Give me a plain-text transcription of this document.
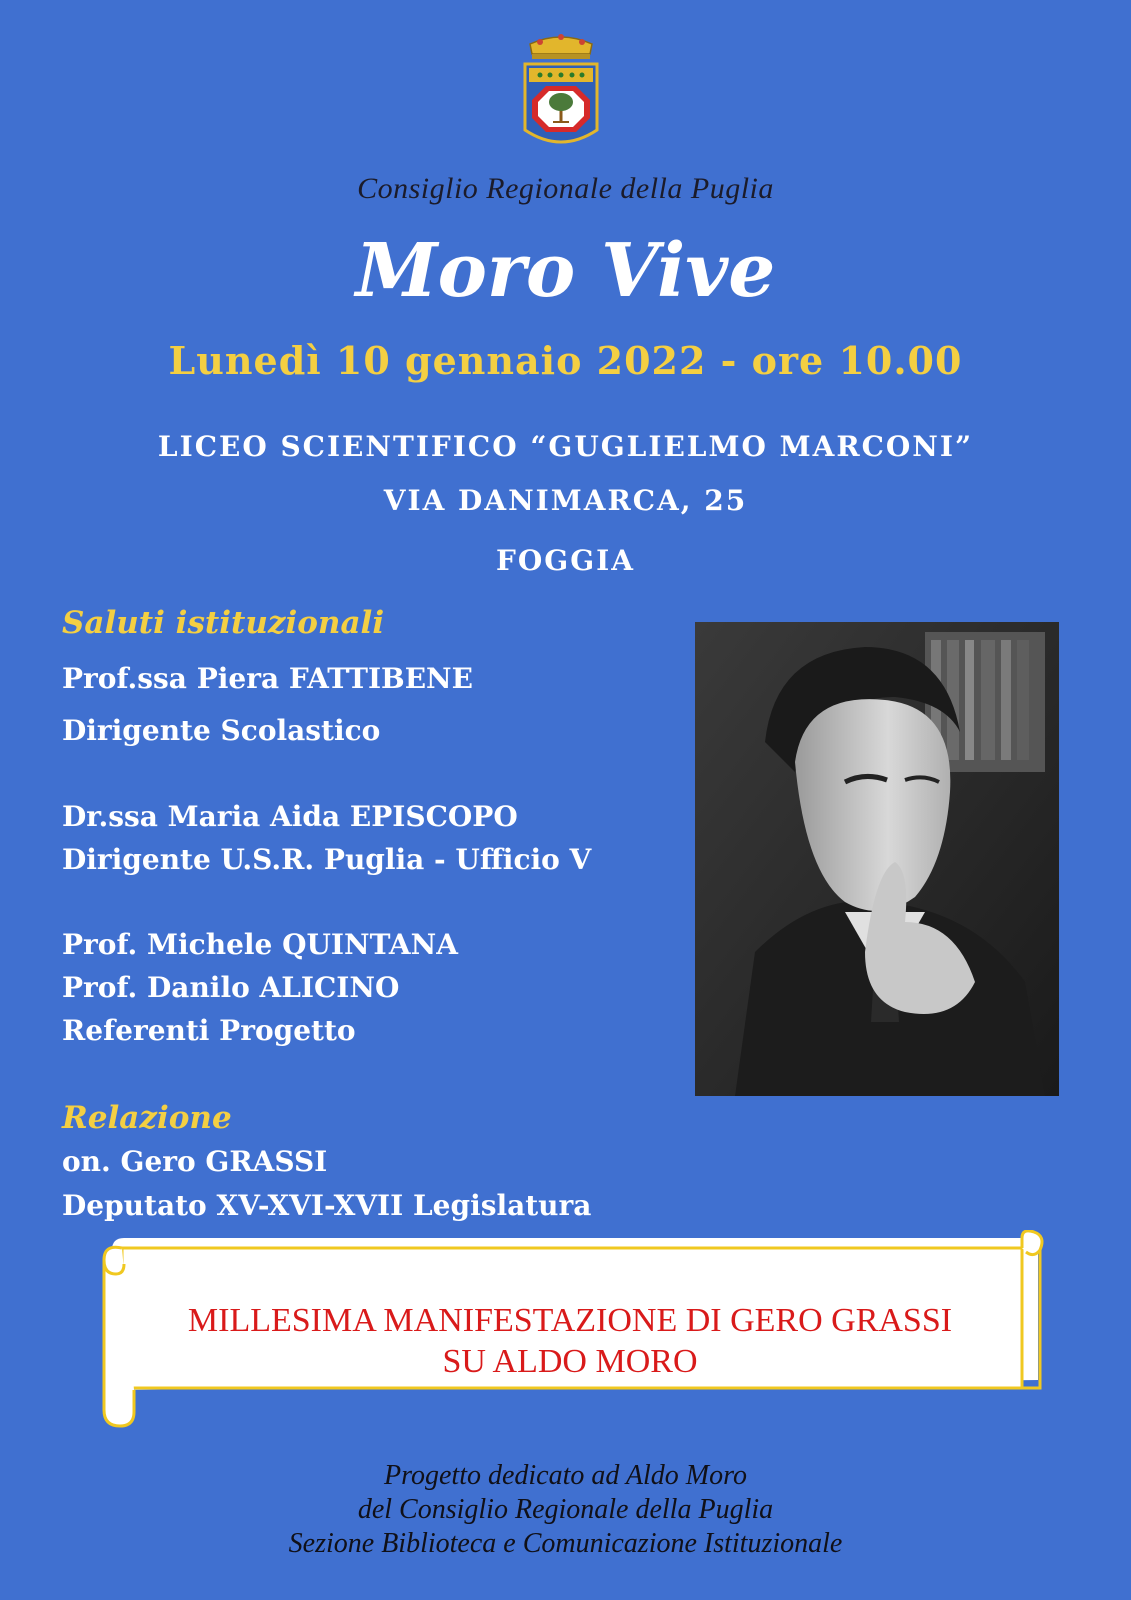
Consiglio Regionale della Puglia
Moro Vive
Lunedì 10 gennaio 2022 - ore 10.00
LICEO SCIENTIFICO “GUGLIELMO MARCONI”
VIA DANIMARCA, 25
FOGGIA
Saluti istituzionali
Prof.ssa Piera FATTIBENE
Dirigente Scolastico
Dr.ssa Maria Aida EPISCOPO
Dirigente U.S.R. Puglia - Ufficio V
Prof. Michele QUINTANA
Prof. Danilo ALICINO
Referenti Progetto
Relazione
on. Gero GRASSI
Deputato XV-XVI-XVII Legislatura
MILLESIMA MANIFESTAZIONE DI GERO GRASSI
SU ALDO MORO
Progetto dedicato ad Aldo Moro
del Consiglio Regionale della Puglia
Sezione Biblioteca e Comunicazione Istituzionale
